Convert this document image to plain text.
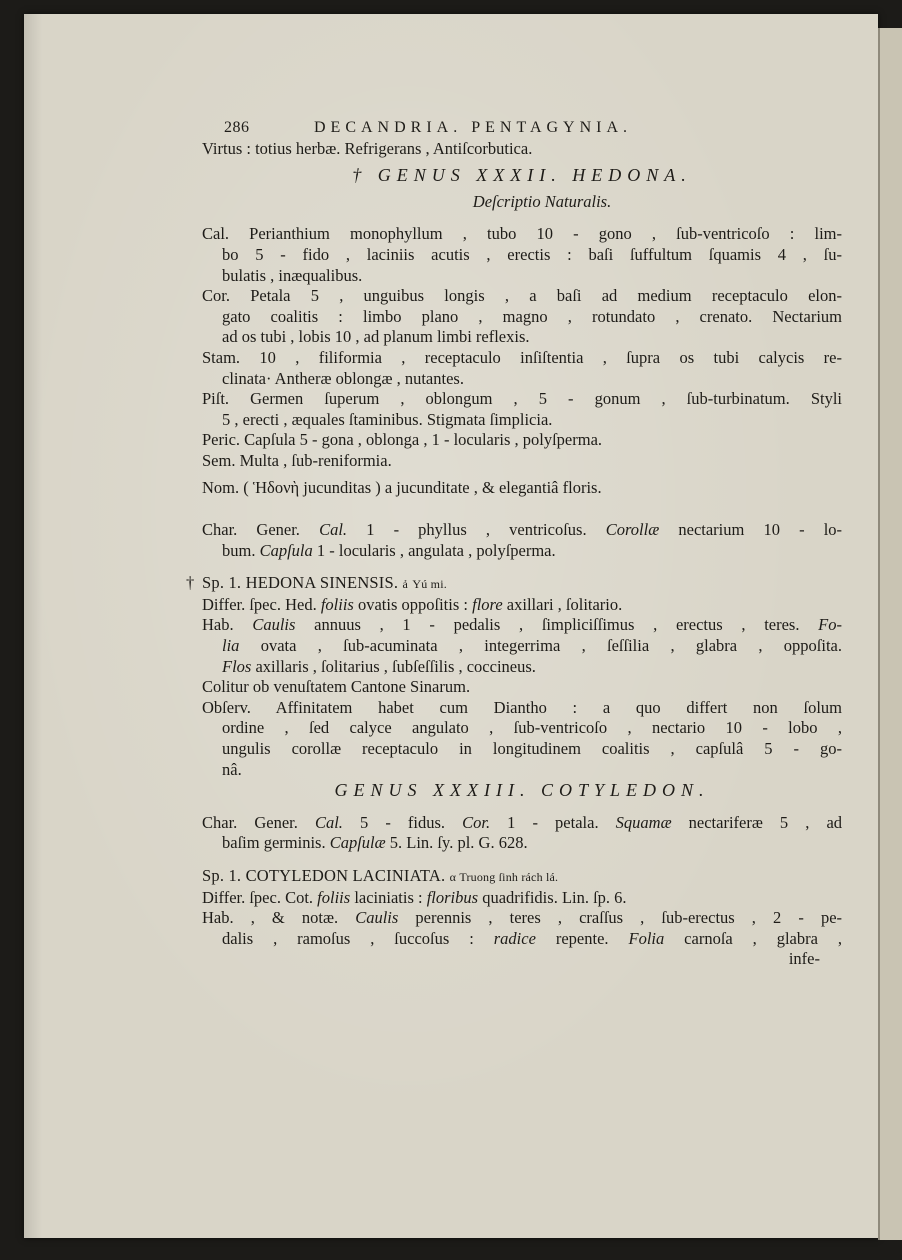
286	DECANDRIA. PENTAGYNIA.
Virtus : totius herbæ. Refrigerans , Antiſcorbutica.
† GENUS XXXII. HEDONA.
Deſcriptio Naturalis.
Cal. Perianthium monophyllum , tubo 10 - gono , ſub-ventricoſo : lim-
bo 5 - fido , laciniis acutis , erectis : baſi ſuffultum ſquamis 4 , ſu-
bulatis , inæqualibus.
Cor. Petala 5 , unguibus longis , a baſi ad medium receptaculo elon-
gato coalitis : limbo plano , magno , rotundato , crenato. Nectarium
ad os tubi , lobis 10 , ad planum limbi reflexis.
Stam. 10 , filiformia , receptaculo inſiſtentia , ſupra os tubi calycis re-
clinata· Antheræ oblongæ , nutantes.
Piſt. Germen ſuperum , oblongum , 5 - gonum , ſub-turbinatum. Styli
5 , erecti , æquales ſtaminibus. Stigmata ſimplicia.
Peric. Capſula 5 - gona , oblonga , 1 - locularis , polyſperma.
Sem. Multa , ſub-reniformia.
Nom. ( Ἡδονὴ jucunditas ) a jucunditate , & elegantiâ floris.
Char. Gener. Cal. 1 - phyllus , ventricoſus. Corollæ nectarium 10 - lo-
bum. Capſula 1 - locularis , angulata , polyſperma.
† Sp. 1. HEDONA SINENSIS. ả Yú mi.
Differ. ſpec. Hed. foliis ovatis oppoſitis : flore axillari , ſolitario.
Hab. Caulis annuus , 1 - pedalis , ſimpliciſſimus , erectus , teres. Fo-
lia ovata , ſub-acuminata , integerrima , ſeſſilia , glabra , oppoſita.
Flos axillaris , ſolitarius , ſubſeſſilis , coccineus.
Colitur ob venuſtatem Cantone Sinarum.
Obſerv. Affinitatem habet cum Diantho : a quo differt non ſolum
ordine , ſed calyce angulato , ſub-ventricoſo , nectario 10 - lobo ,
ungulis corollæ receptaculo in longitudinem coalitis , capſulâ 5 - go-
nâ.
GENUS XXXIII. COTYLEDON.
Char. Gener. Cal. 5 - fidus. Cor. 1 - petala. Squamæ nectariferæ 5 , ad
baſim germinis. Capſulæ 5. Lin. ſy. pl. G. 628.
Sp. 1. COTYLEDON LACINIATA. α Truong ſinh rách lá.
Differ. ſpec. Cot. foliis laciniatis : floribus quadrifidis. Lin. ſp. 6.
Hab. , & notæ. Caulis perennis , teres , craſſus , ſub-erectus , 2 - pe-
dalis , ramoſus , ſuccoſus : radice repente. Folia carnoſa , glabra ,
infe-
